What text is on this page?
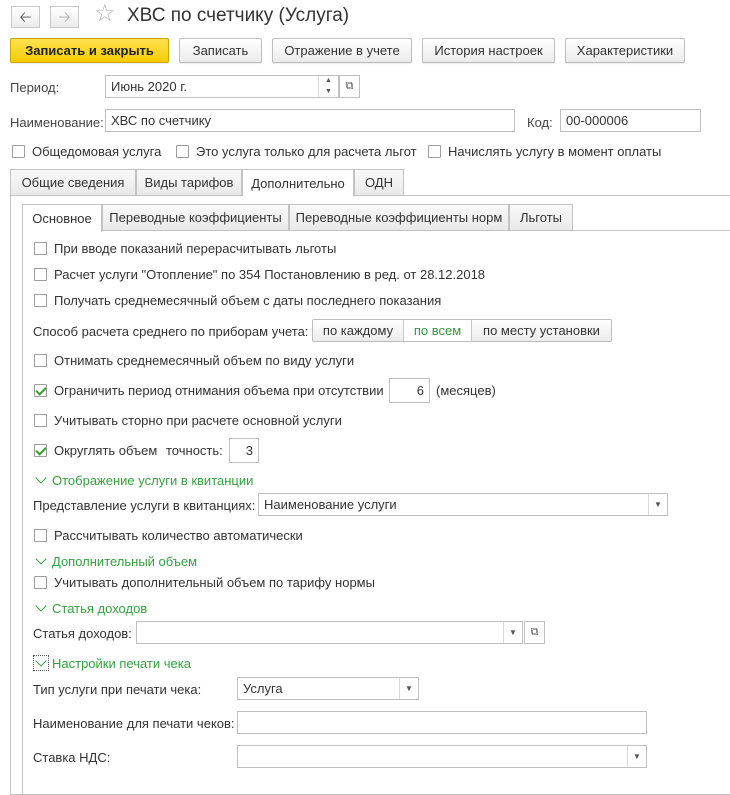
🡠 🡢 ☆ ХВС по счетчику (Услуга)
Записать и закрыть	Записать	Отражение в учете	История настроек	Характеристики
Период:	Июнь 2020 г.	▲
▼	⧉
Наименование: ХВС по счетчику	Код: 00-000006
Общедомовая услуга	Это услуга только для расчета льгот Начислять услугу в момент оплаты
Общие сведения	Виды тарифов	Дополнительно	ОДН
Основное	Переводные коэффициенты	Переводные коэффициенты норм	Льготы
При вводе показаний перерасчитывать льготы
Расчет услуги "Отопление" по 354 Постановлению в ред. от 28.12.2018
Получать среднемесячный объем с даты последнего показания
Способ расчета среднего по приборам учета:	по каждому	по всем	по месту установки
Отнимать среднемесячный объем по виду услуги
Ограничить период отнимания объема при отсутствии	6 (месяцев)
Учитывать сторно при расчете основной услуги
Округлять объем точность: 3
Отображение услуги в квитанции
Представление услуги в квитанциях: Наименование услуги	▼
Рассчитывать количество автоматически
Дополнительный объем
Учитывать дополнительный объем по тарифу нормы
Статья доходов
Статья доходов:	▼	⧉
Настройки печати чека
Тип услуги при печати чека:	Услуга	▼
Наименование для печати чеков:
Ставка НДС:	▼
